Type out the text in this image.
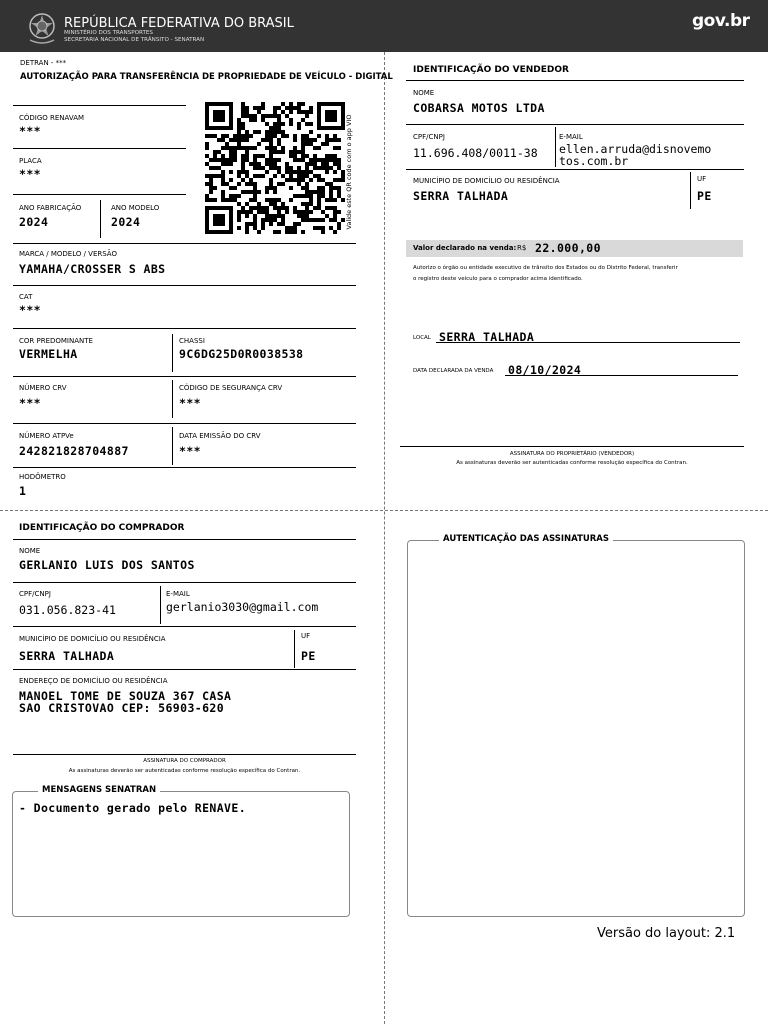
REPÚBLICA FEDERATIVA DO BRASIL
MINISTÉRIO DOS TRANSPORTES
SECRETARIA NACIONAL DE TRÂNSITO - SENATRAN
gov.br
DETRAN - ***
AUTORIZAÇÃO PARA TRANSFERÊNCIA DE PROPRIEDADE DE VEÍCULO - DIGITAL
CÓDIGO RENAVAM
***
PLACA
***
ANO FABRICAÇÃO
2024
ANO MODELO
2024	Valide este QR code com o app VIO
MARCA / MODELO / VERSÃO
YAMAHA/CROSSER S ABS
CAT
***
COR PREDOMINANTE
VERMELHA
CHASSI
9C6DG25D0R0038538
NÚMERO CRV
***
CÓDIGO DE SEGURANÇA CRV
***
NÚMERO ATPVe
242821828704887
DATA EMISSÃO DO CRV
***
HODÔMETRO
1
IDENTIFICAÇÃO DO VENDEDOR
NOME
COBARSA MOTOS LTDA
CPF/CNPJ
11.696.408/0011-38
E-MAIL
ellen.arruda@disnovemo
tos.com.br
MUNICÍPIO DE DOMICÍLIO OU RESIDÊNCIA
SERRA TALHADA
UF
PE
Valor declarado na venda: R$ 22.000,00
Autorizo o órgão ou entidade executivo de trânsito dos Estados ou do Distrito Federal, transferir
o registro deste veículo para o comprador acima identificado.
LOCAL SERRA TALHADA
DATA DECLARADA DA VENDA 08/10/2024
ASSINATURA DO PROPRIETÁRIO (VENDEDOR)
As assinaturas deverão ser autenticadas conforme resolução específica do Contran.
IDENTIFICAÇÃO DO COMPRADOR
NOME
GERLANIO LUIS DOS SANTOS
CPF/CNPJ
031.056.823-41
E-MAIL
gerlanio3030@gmail.com
MUNICÍPIO DE DOMICÍLIO OU RESIDÊNCIA
SERRA TALHADA
UF
PE
ENDEREÇO DE DOMICÍLIO OU RESIDÊNCIA
MANOEL TOME DE SOUZA 367 CASA
SAO CRISTOVAO CEP: 56903-620
ASSINATURA DO COMPRADOR
As assinaturas deverão ser autenticadas conforme resolução específica do Contran.
MENSAGENS SENATRAN
- Documento gerado pelo RENAVE.
AUTENTICAÇÃO DAS ASSINATURAS
Versão do layout: 2.1
